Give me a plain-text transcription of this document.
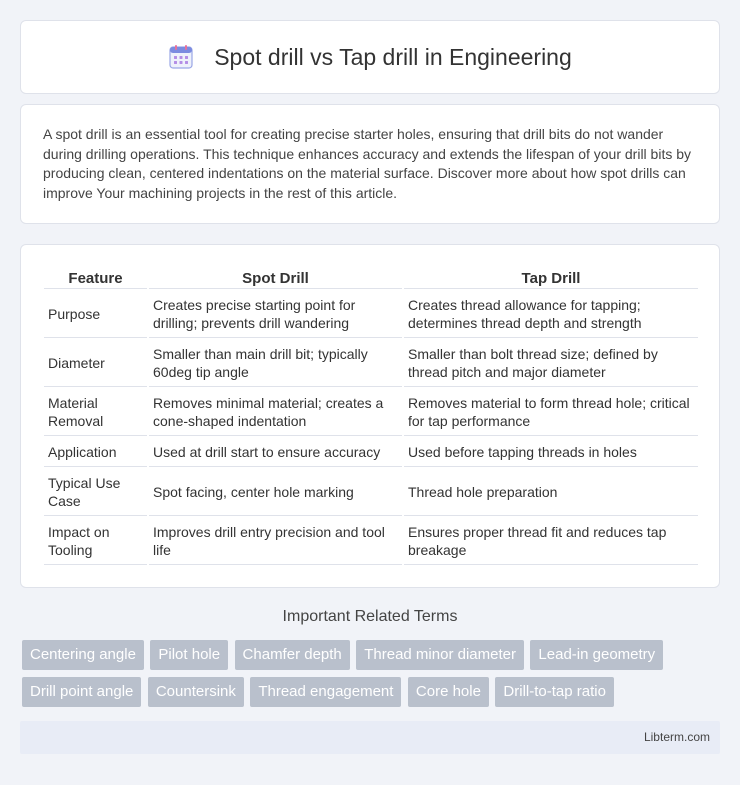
Spot drill vs Tap drill in Engineering

A spot drill is an essential tool for creating precise starter holes, ensuring that drill bits do not wander during drilling operations. This technique enhances accuracy and extends the lifespan of your drill bits by producing clean, centered indentations on the material surface. Discover more about how spot drills can improve Your machining projects in the rest of this article.

Feature	Spot Drill	Tap Drill
Purpose	Creates precise starting point for drilling; prevents drill wandering	Creates thread allowance for tapping; determines thread depth and strength
Diameter	Smaller than main drill bit; typically 60deg tip angle	Smaller than bolt thread size; defined by thread pitch and major diameter
Material Removal	Removes minimal material; creates a cone-shaped indentation	Removes material to form thread hole; critical for tap performance
Application	Used at drill start to ensure accuracy	Used before tapping threads in holes
Typical Use Case	Spot facing, center hole marking	Thread hole preparation
Impact on Tooling	Improves drill entry precision and tool life	Ensures proper thread fit and reduces tap breakage
Important Related Terms
Centering angle Pilot hole Chamfer depth Thread minor diameter Lead-in geometry Drill point angle Countersink Thread engagement Core hole Drill-to-tap ratio
Libterm.com
